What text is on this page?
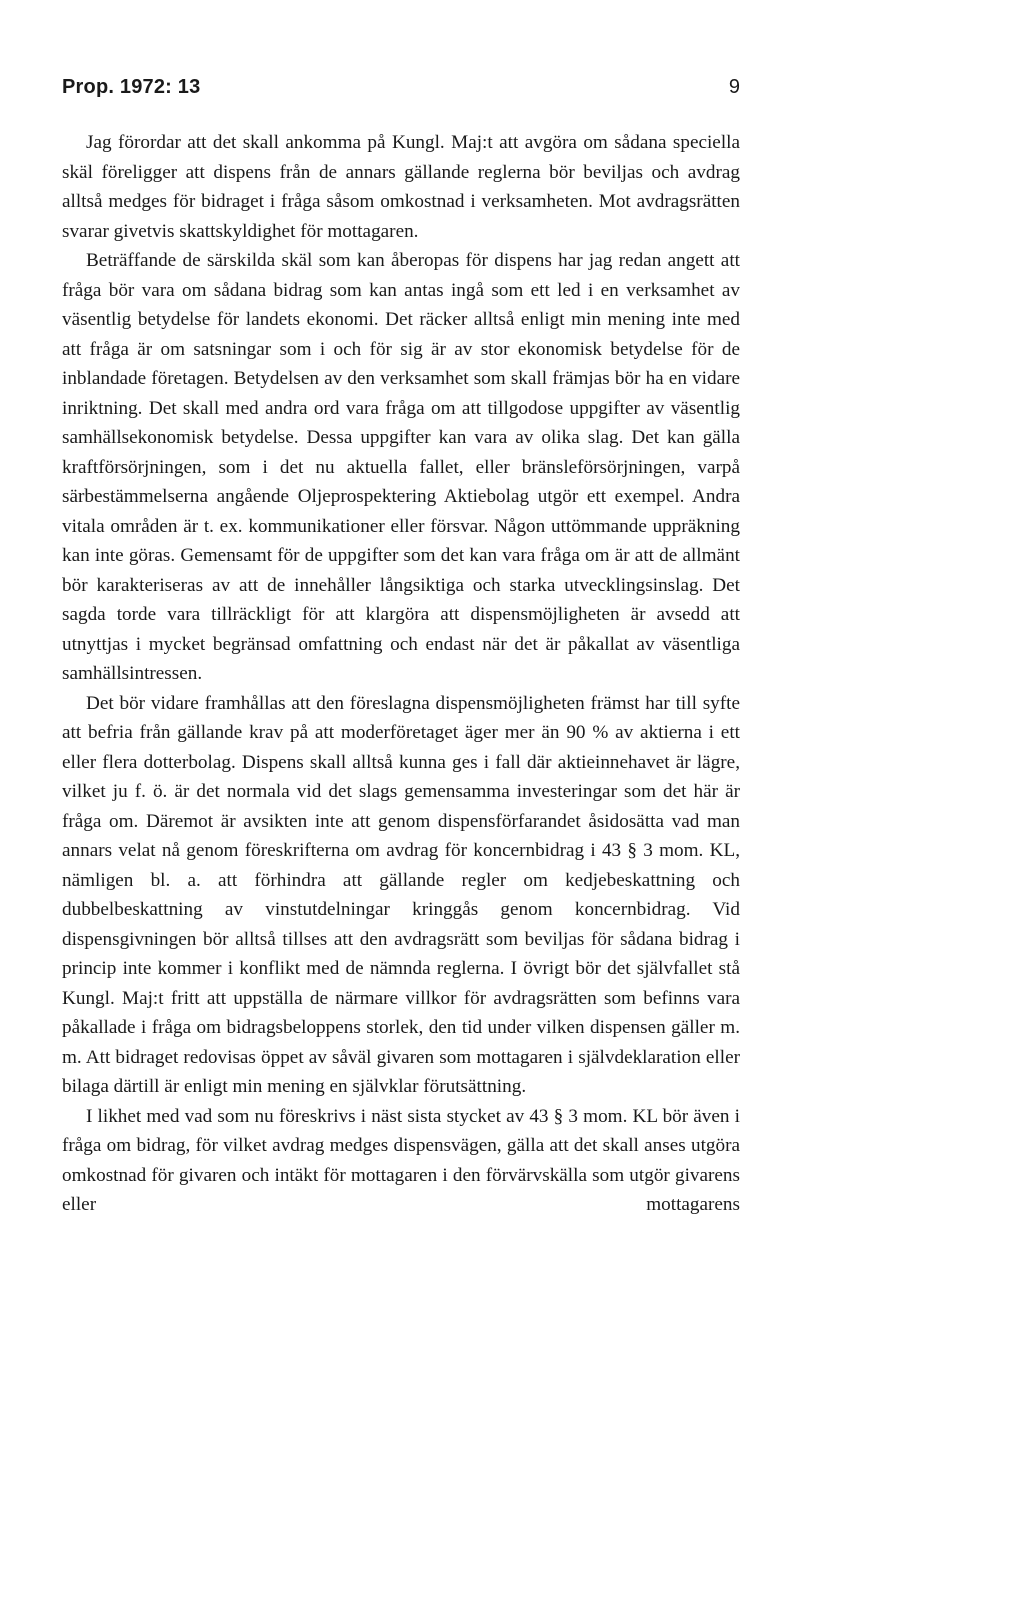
Prop. 1972: 13	9

Jag förordar att det skall ankomma på Kungl. Maj:t att avgöra om sådana speciella skäl föreligger att dispens från de annars gällande reglerna bör beviljas och avdrag alltså medges för bidraget i fråga såsom omkostnad i verksamheten. Mot avdragsrätten svarar givetvis skattskyldighet för mottagaren.

Beträffande de särskilda skäl som kan åberopas för dispens har jag redan angett att fråga bör vara om sådana bidrag som kan antas ingå som ett led i en verksamhet av väsentlig betydelse för landets ekonomi. Det räcker alltså enligt min mening inte med att fråga är om satsningar som i och för sig är av stor ekonomisk betydelse för de inblandade företagen. Betydelsen av den verksamhet som skall främjas bör ha en vidare inriktning. Det skall med andra ord vara fråga om att tillgodose uppgifter av väsentlig samhällsekonomisk betydelse. Dessa uppgifter kan vara av olika slag. Det kan gälla kraftförsörjningen, som i det nu aktuella fallet, eller bränsleförsörjningen, varpå särbestämmelserna angående Oljeprospektering Aktiebolag utgör ett exempel. Andra vitala områden är t. ex. kommunikationer eller försvar. Någon uttömmande uppräkning kan inte göras. Gemensamt för de uppgifter som det kan vara fråga om är att de allmänt bör karakteriseras av att de innehåller långsiktiga och starka utvecklingsinslag. Det sagda torde vara tillräckligt för att klargöra att dispensmöjligheten är avsedd att utnyttjas i mycket begränsad omfattning och endast när det är påkallat av väsentliga samhällsintressen.

Det bör vidare framhållas att den föreslagna dispensmöjligheten främst har till syfte att befria från gällande krav på att moderföretaget äger mer än 90 % av aktierna i ett eller flera dotterbolag. Dispens skall alltså kunna ges i fall där aktieinnehavet är lägre, vilket ju f. ö. är det normala vid det slags gemensamma investeringar som det här är fråga om. Däremot är avsikten inte att genom dispensförfarandet åsidosätta vad man annars velat nå genom föreskrifterna om avdrag för koncernbidrag i 43 § 3 mom. KL, nämligen bl. a. att förhindra att gällande regler om kedjebeskattning och dubbelbeskattning av vinstutdelningar kringgås genom koncernbidrag. Vid dispensgivningen bör alltså tillses att den avdragsrätt som beviljas för sådana bidrag i princip inte kommer i konflikt med de nämnda reglerna. I övrigt bör det självfallet stå Kungl. Maj:t fritt att uppställa de närmare villkor för avdragsrätten som befinns vara påkallade i fråga om bidragsbeloppens storlek, den tid under vilken dispensen gäller m. m. Att bidraget redovisas öppet av såväl givaren som mottagaren i självdeklaration eller bilaga därtill är enligt min mening en självklar förutsättning.

I likhet med vad som nu föreskrivs i näst sista stycket av 43 § 3 mom. KL bör även i fråga om bidrag, för vilket avdrag medges dispensvägen, gälla att det skall anses utgöra omkostnad för givaren och intäkt för mottagaren i den förvärvskälla som utgör givarens eller mottagarens
